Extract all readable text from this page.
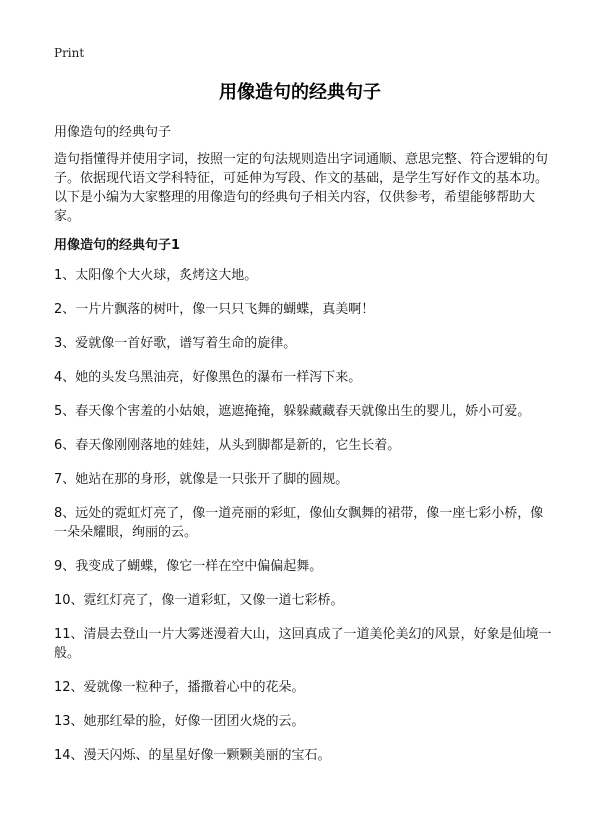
Print
用像造句的经典句子

用像造句的经典句子

造句指懂得并使用字词，按照一定的句法规则造出字词通顺、意思完整、符合逻辑的句子。依据现代语文学科特征，可延伸为写段、作文的基础，是学生写好作文的基本功。以下是小编为大家整理的用像造句的经典句子相关内容，仅供参考，希望能够帮助大家。

用像造句的经典句子1
1、太阳像个大火球，炙烤这大地。
2、一片片飘落的树叶，像一只只飞舞的蝴蝶，真美啊！
3、爱就像一首好歌，谱写着生命的旋律。
4、她的头发乌黑油亮，好像黑色的瀑布一样泻下来。
5、春天像个害羞的小姑娘，遮遮掩掩，躲躲藏藏春天就像出生的婴儿，娇小可爱。
6、春天像刚刚落地的娃娃，从头到脚都是新的，它生长着。
7、她站在那的身形，就像是一只张开了脚的圆规。
8、远处的霓虹灯亮了，像一道亮丽的彩虹，像仙女飘舞的裙带，像一座七彩小桥，像一朵朵耀眼，绚丽的云。
9、我变成了蝴蝶，像它一样在空中偏偏起舞。
10、霓红灯亮了，像一道彩虹，又像一道七彩桥。
11、清晨去登山一片大雾迷漫着大山，这回真成了一道美伦美幻的风景，好象是仙境一般。
12、爱就像一粒种子，播撒着心中的花朵。
13、她那红晕的脸，好像一团团火烧的云。
14、漫天闪烁、的星星好像一颗颗美丽的宝石。
